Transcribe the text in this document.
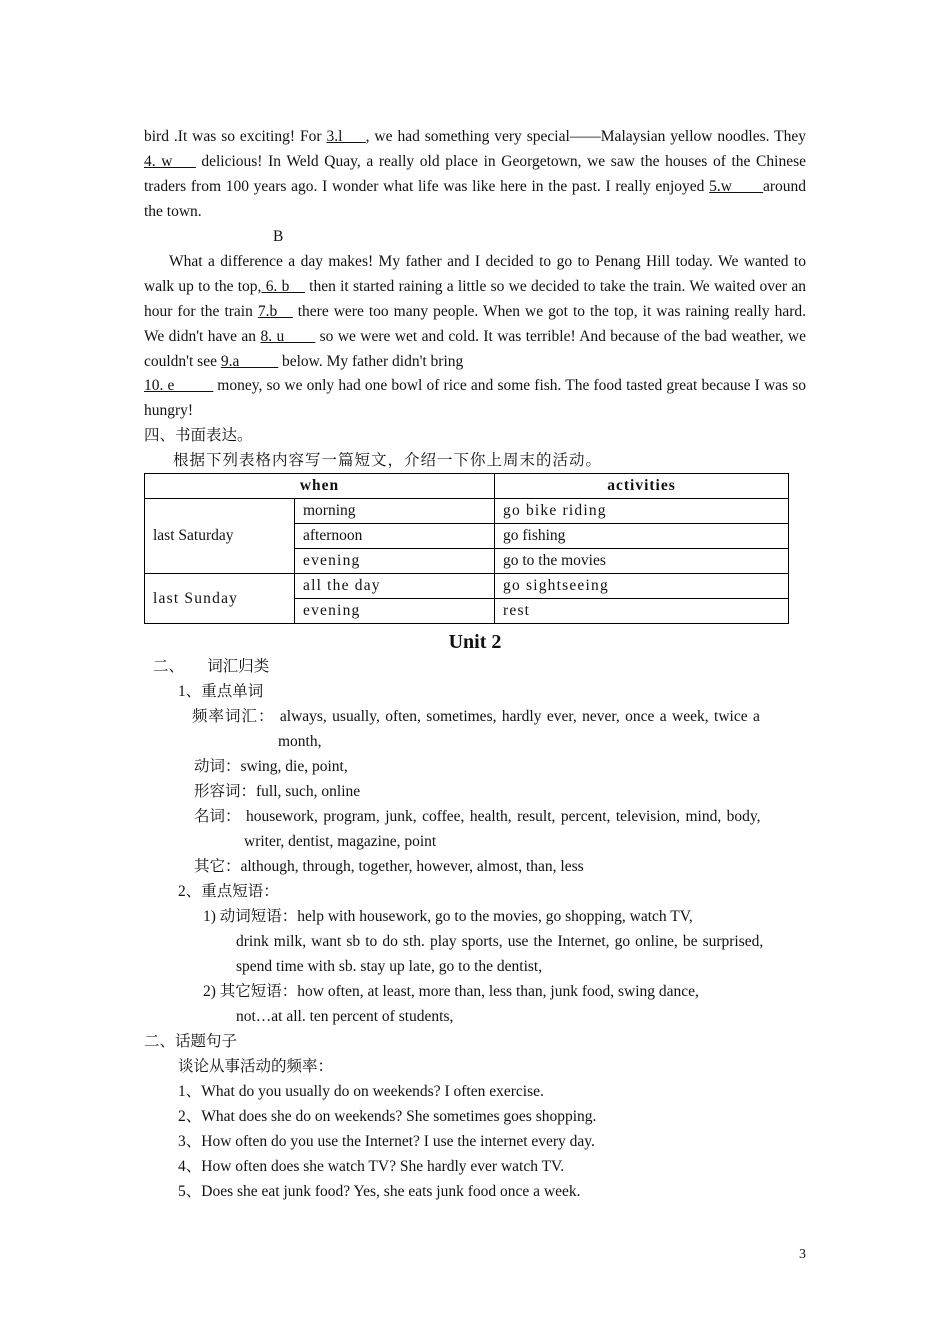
bird .It was so exciting! For 3.l___, we had something very special——Malaysian yellow noodles. They 4. w___ delicious! In Weld Quay, a really old place in Georgetown, we saw the houses of the Chinese traders from 100 years ago. I wonder what life was like here in the past. I really enjoyed 5.w____around the town.
B
What a difference a day makes! My father and I decided to go to Penang Hill today. We wanted to walk up to the top, 6. b__ then it started raining a little so we decided to take the train. We waited over an hour for the train 7.b__ there were too many people. When we got to the top, it was raining really hard. We didn't have an 8. u____ so we were wet and cold. It was terrible! And because of the bad weather, we couldn't see 9.a_____ below. My father didn't bring
10. e_____ money, so we only had one bowl of rice and some fish. The food tasted great because I was so hungry!
四、书面表达。
根据下列表格内容写一篇短文，介绍一下你上周末的活动。
when		activities
last Saturday	morning	go bike riding
	afternoon	go fishing
	evening	go to the movies
last Sunday	all the day	go sightseeing
	evening	rest
Unit 2
二、      词汇归类
1、重点单词
频率词汇： always, usually, often, sometimes, hardly ever, never, once a week, twice a
month,
动词：swing, die, point,
形容词：full, such, online
名词： housework, program, junk, coffee, health, result, percent, television, mind, body,
writer, dentist, magazine, point
其它：although, through, together, however, almost, than, less
2、重点短语：
1) 动词短语：help with housework, go to the movies, go shopping, watch TV,
drink milk, want sb to do sth. play sports, use the Internet, go online, be surprised,
spend time with sb. stay up late, go to the dentist,
2) 其它短语：how often, at least, more than, less than, junk food, swing dance,
not…at all. ten percent of students,
二、话题句子
谈论从事活动的频率：
1、What do you usually do on weekends? I often exercise.
2、What does she do on weekends? She sometimes goes shopping.
3、How often do you use the Internet? I use the internet every day.
4、How often does she watch TV? She hardly ever watch TV.
5、Does she eat junk food? Yes, she eats junk food once a week.
3
